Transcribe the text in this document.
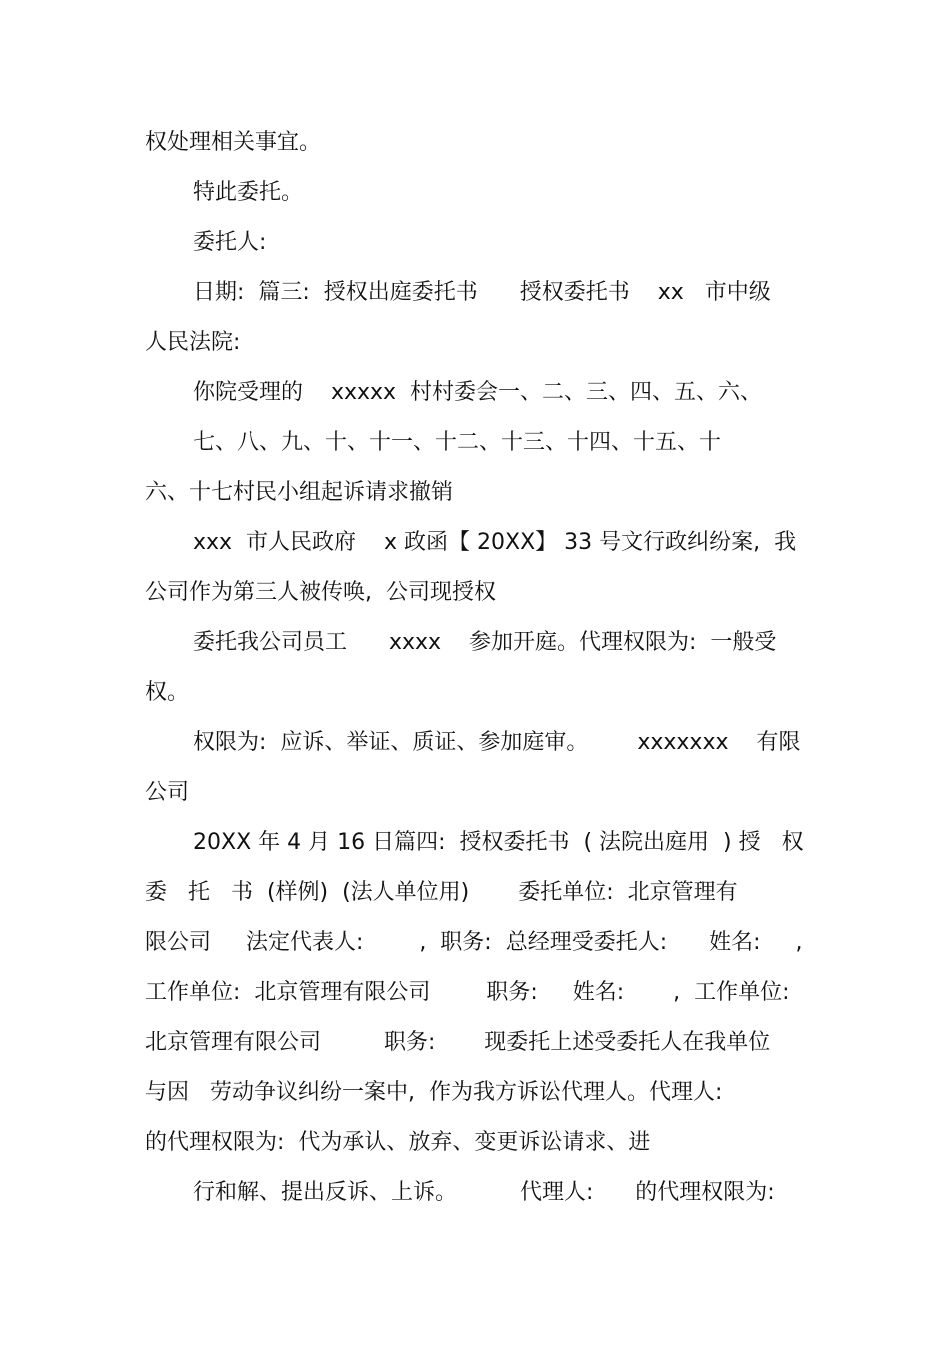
权处理相关事宜。
特此委托。
委托人:
日期:  篇三:  授权出庭委托书      授权委托书    xx   市中级
人民法院:
你院受理的    xxxxx  村村委会一、二、三、四、五、六、
七、八、九、十、十一、十二、十三、十四、十五、十
六、十七村民小组起诉请求撤销
xxx  市人民政府    x 政函【 20XX】 33 号文行政纠纷案,  我
公司作为第三人被传唤,  公司现授权
委托我公司员工      xxxx    参加开庭。代理权限为:  一般受
权。
权限为:  应诉、举证、质证、参加庭审。       xxxxxxx    有限
公司
20XX 年 4 月 16 日篇四:  授权委托书  ( 法院出庭用  ) 授   权
委   托   书  (样例)  (法人单位用)       委托单位:  北京管理有
限公司     法定代表人:        ,  职务:  总经理受委托人:      姓名:     ,
工作单位:  北京管理有限公司        职务:     姓名:       ,  工作单位:
北京管理有限公司         职务:       现委托上述受委托人在我单位
与因   劳动争议纠纷一案中,  作为我方诉讼代理人。代理人:
的代理权限为:  代为承认、放弃、变更诉讼请求、进
行和解、提出反诉、上诉。         代理人:      的代理权限为:
